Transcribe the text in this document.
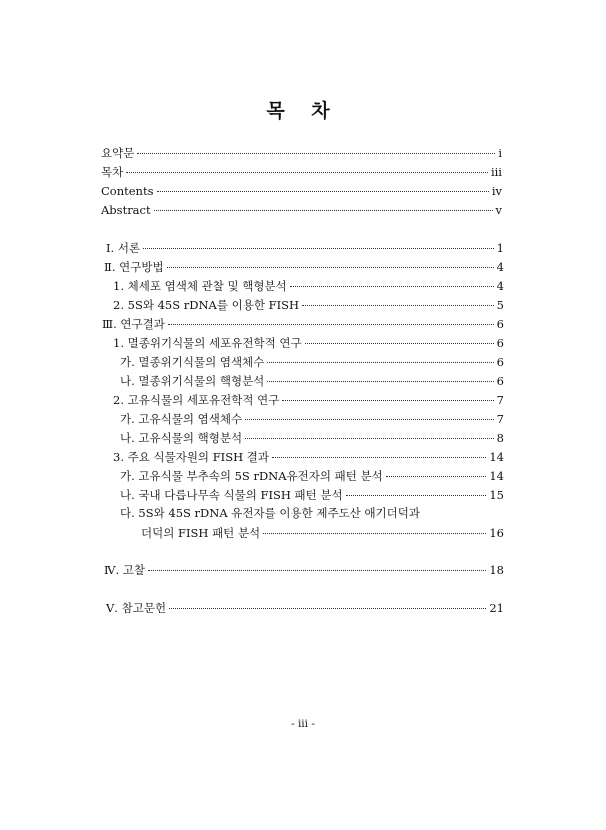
목 차
요약문	i
목차	iii
Contents	iv
Abstract	v
Ⅰ. 서론	1
Ⅱ. 연구방법	4
1. 체세포 염색체 관찰 및 핵형분석	4
2. 5S와 45S rDNA를 이용한 FISH	5
Ⅲ. 연구결과	6
1. 멸종위기식물의 세포유전학적 연구	6
가. 멸종위기식물의 염색체수	6
나. 멸종위기식물의 핵형분석	6
2. 고유식물의 세포유전학적 연구	7
가. 고유식물의 염색체수	7
나. 고유식물의 핵형분석	8
3. 주요 식물자원의 FISH 결과	14
가. 고유식물 부추속의 5S rDNA유전자의 패턴 분석	14
나. 국내 다릅나무속 식물의 FISH 패턴 분석	15
다. 5S와 45S rDNA 유전자를 이용한 제주도산 애기더덕과
더덕의 FISH 패턴 분석	16
Ⅳ. 고찰	18
Ⅴ. 참고문헌	21
- iii -
